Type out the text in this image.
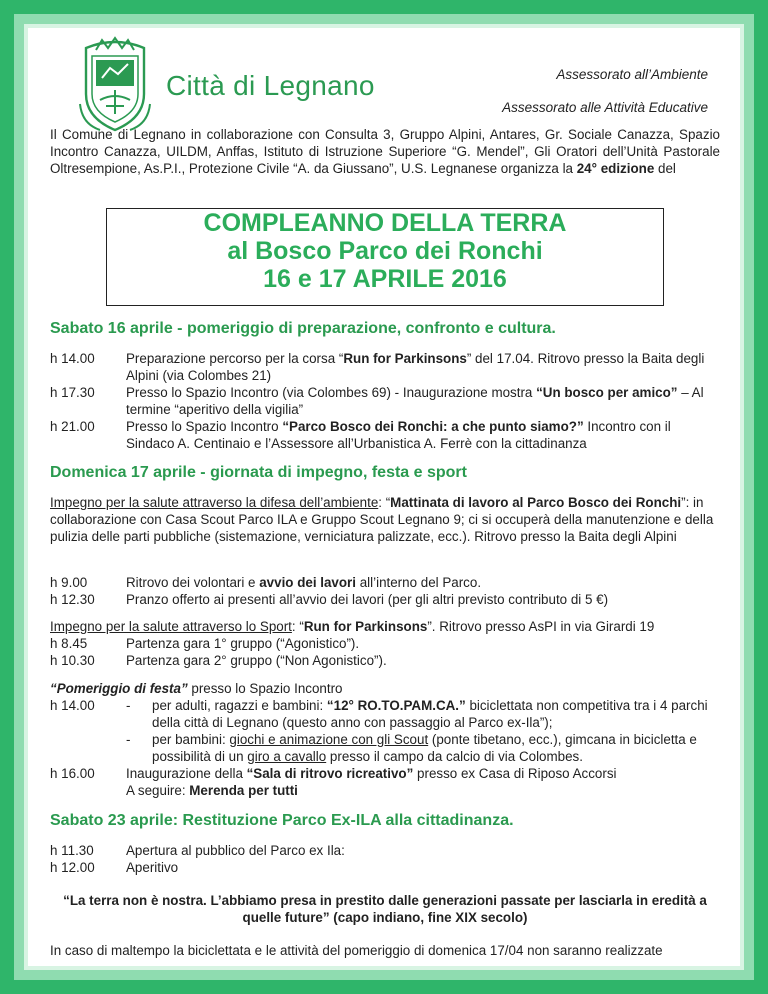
Città di Legnano	Assessorato all’Ambiente
Assessorato alle Attività Educative
Il Comune di Legnano in collaborazione con Consulta 3, Gruppo Alpini, Antares, Gr. Sociale Canazza, Spazio Incontro Canazza, UILDM, Anffas, Istituto di Istruzione Superiore “G. Mendel”, Gli Oratori dell’Unità Pastorale Oltresempione, As.P.I., Protezione Civile “A. da Giussano”, U.S. Legnanese organizza la 24° edizione del
COMPLEANNO DELLA TERRA
al Bosco Parco dei Ronchi
16 e 17 APRILE 2016
Sabato 16 aprile - pomeriggio di preparazione, confronto e cultura.
h 14.00	Preparazione percorso per la corsa “Run for Parkinsons” del 17.04. Ritrovo presso la Baita degli Alpini (via Colombes 21)
h 17.30	Presso lo Spazio Incontro (via Colombes 69) - Inaugurazione mostra “Un bosco per amico” – Al termine “aperitivo della vigilia”
h 21.00	Presso lo Spazio Incontro “Parco Bosco dei Ronchi: a che punto siamo?” Incontro con il Sindaco A. Centinaio e l’Assessore all’Urbanistica A. Ferrè con la cittadinanza
Domenica 17 aprile - giornata di impegno, festa e sport
Impegno per la salute attraverso la difesa dell’ambiente: “Mattinata di lavoro al Parco Bosco dei Ronchi”: in collaborazione con Casa Scout Parco ILA e Gruppo Scout Legnano 9; ci si occuperà della manutenzione e della pulizia delle parti pubbliche (sistemazione, verniciatura palizzate, ecc.). Ritrovo presso la Baita degli Alpini
h 9.00	Ritrovo dei volontari e avvio dei lavori all’interno del Parco.
h 12.30	Pranzo offerto ai presenti all’avvio dei lavori (per gli altri previsto contributo di 5 €)
Impegno per la salute attraverso lo Sport: “Run for Parkinsons”. Ritrovo presso AsPI in via Girardi 19
h 8.45	Partenza gara 1° gruppo (“Agonistico”).
h 10.30	Partenza gara 2° gruppo (“Non Agonistico”).
“Pomeriggio di festa” presso lo Spazio Incontro
h 14.00	-	per adulti, ragazzi e bambini: “12° RO.TO.PAM.CA.” biciclettata non competitiva tra i 4 parchi della città di Legnano (questo anno con passaggio al Parco ex-Ila”);
-	per bambini: giochi e animazione con gli Scout (ponte tibetano, ecc.), gimcana in bicicletta e possibilità di un giro a cavallo presso il campo da calcio di via Colombes.
h 16.00	Inaugurazione della “Sala di ritrovo ricreativo” presso ex Casa di Riposo Accorsi
A seguire: Merenda per tutti
Sabato 23 aprile: Restituzione Parco Ex-ILA alla cittadinanza.
h 11.30	Apertura al pubblico del Parco ex Ila:
h 12.00	Aperitivo
“La terra non è nostra. L’abbiamo presa in prestito dalle generazioni passate per lasciarla in eredità a quelle future” (capo indiano, fine XIX secolo)
In caso di maltempo la biciclettata e le attività del pomeriggio di domenica 17/04 non saranno realizzate
